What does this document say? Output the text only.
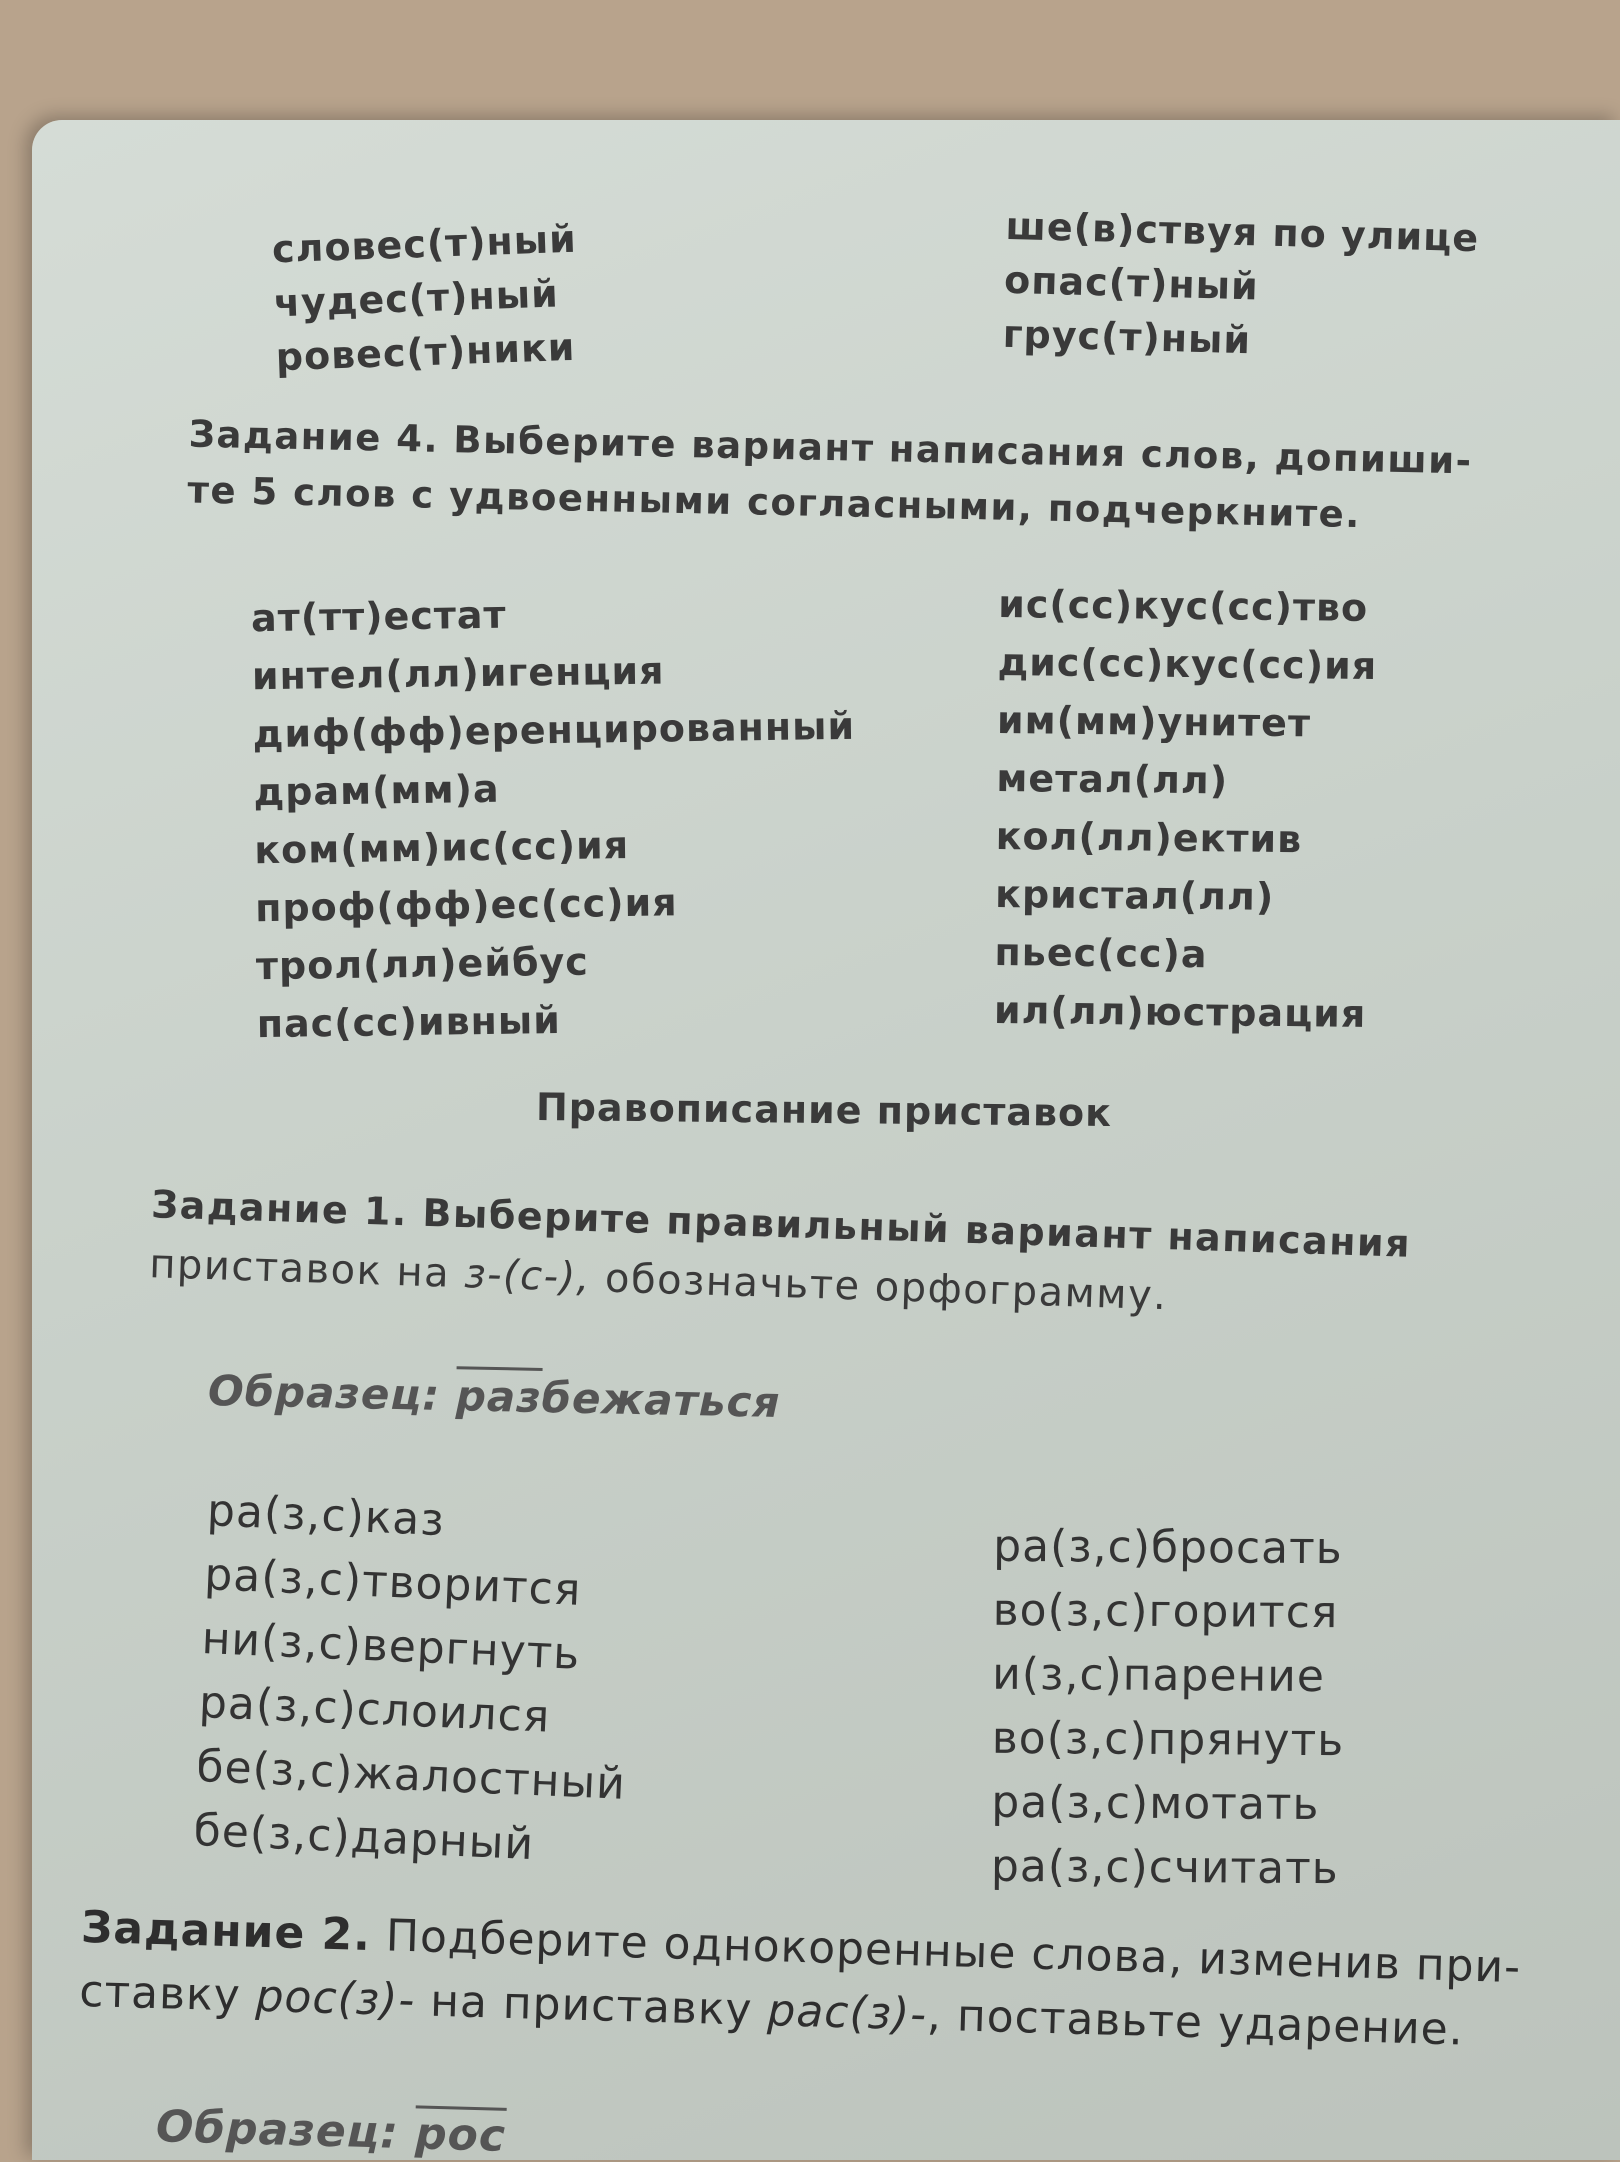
словес(т)ный
чудес(т)ный
ровес(т)ники
ше(в)ствуя по улице
опас(т)ный
грус(т)ный
Задание 4. Выберите вариант написания слов, допиши-
те 5 слов с удвоенными согласными, подчеркните.
ат(тт)естат
интел(лл)игенция
диф(фф)еренцированный
драм(мм)а
ком(мм)ис(сс)ия
проф(фф)ес(сс)ия
трол(лл)ейбус
пас(сс)ивный
ис(сс)кус(сс)тво
дис(сс)кус(сс)ия
им(мм)унитет
метал(лл)
кол(лл)ектив
кристал(лл)
пьес(сс)а
ил(лл)юстрация
Правописание приставок
Задание 1. Выберите правильный вариант написания
приставок на з-(с-), обозначьте орфограмму.
Образец: разбежаться
ра(з,с)каз
ра(з,с)творится
ни(з,с)вергнуть
ра(з,с)слоился
бе(з,с)жалостный
бе(з,с)дарный
ра(з,с)бросать
во(з,с)горится
и(з,с)парение
во(з,с)прянуть
ра(з,с)мотать
ра(з,с)считать
Задание 2. Подберите однокоренные слова, изменив при-
ставку рос(з)- на приставку рас(з)-, поставьте ударение.
Образец: рос
